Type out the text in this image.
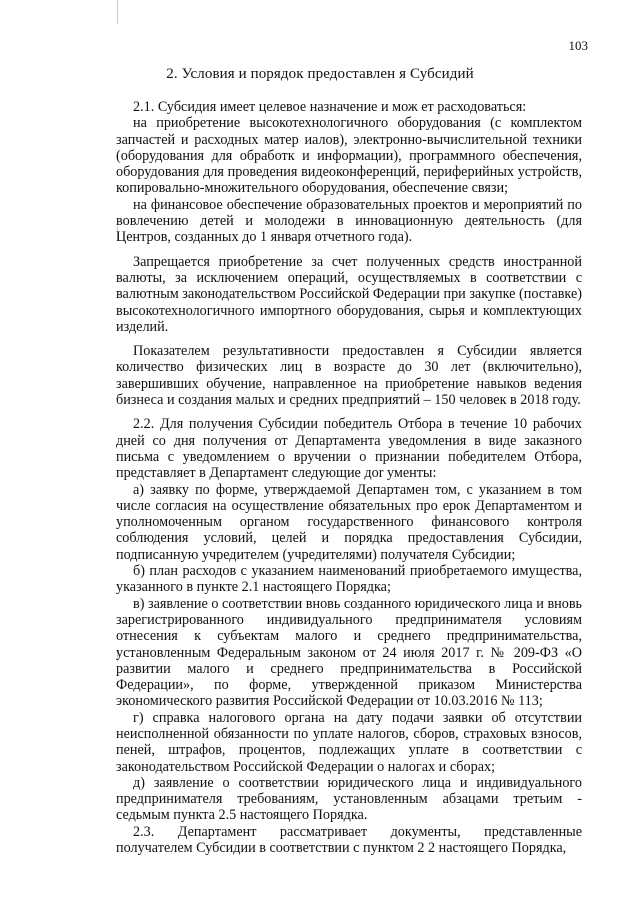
103
2. Условия и порядок предоставлен я Субсидий

2.1. Субсидия имеет целевое назначение и мож ет расходоваться:

на приобретение высокотехнологичного оборудования (с комплектом запчастей и расходных матер иалов), электронно-вычислительной техники (оборудования для обработк и информации), программного обеспечения, оборудования для проведения видеоконференций, периферийных устройств, копировально-множительного оборудования, обеспечение связи;

на финансовое обеспечение образовательных проектов и мероприятий по вовлечению детей и молодежи в инновационную деятельность (для Центров, созданных до 1 января отчетного года).

Запрещается приобретение за счет полученных средств иностранной валюты, за исключением операций, осуществляемых в соответствии с валютным законодательством Российской Федерации при закупке (поставке) высокотехнологичного импортного оборудования, сырья и комплектующих изделий.

Показателем результативности предоставлен я Субсидии является количество физических лиц в возрасте до 30 лет (включительно), завершивших обучение, направленное на приобретение навыков ведения бизнеса и создания малых и средних предприятий – 150 человек в 2018 году.

2.2. Для получения Субсидии победитель Отбора в течение 10 рабочих дней со дня получения от Департамента уведомления в виде заказного письма с уведомлением о вручении о признании победителем Отбора, представляет в Департамент следующие доr ументы:

а) заявку по форме, утверждаемой Департамен том, с указанием в том числе согласия на осуществление обязательных про ерок Департаментом и уполномоченным органом государственного финансового контроля соблюдения условий, целей и порядка предоставления Субсидии, подписанную учредителем (учредителями) получателя Субсидии;

б) план расходов с указанием наименований приобретаемого имущества, указанного в пункте 2.1 настоящего Порядка;

в) заявление о соответствии вновь созданного юридического лица и вновь зарегистрированного индивидуального предпринимателя условиям отнесения к субъектам малого и среднего предпринимательства, установленным Федеральным законом от 24 июля 2017 г. № 209-ФЗ «О развитии малого и среднего предпринимательства в Российской Федерации», по форме, утвержденной приказом Министерства экономического развития Российской Федерации от 10.03.2016 № 113;

г) справка налогового органа на дату подачи заявки об отсутствии неисполненной обязанности по уплате налогов, сборов, страховых взносов, пеней, штрафов, процентов, подлежащих уплате в соответствии с законодательством Российской Федерации о налогах и сборах;

д) заявление о соответствии юридического лица и индивидуального предпринимателя требованиям, установленным абзацами третьим - седьмым пункта 2.5 настоящего Порядка.

2.3. Департамент рассматривает документы, представленные получателем Субсидии в соответствии с пунктом 2 2 настоящего Порядка,
